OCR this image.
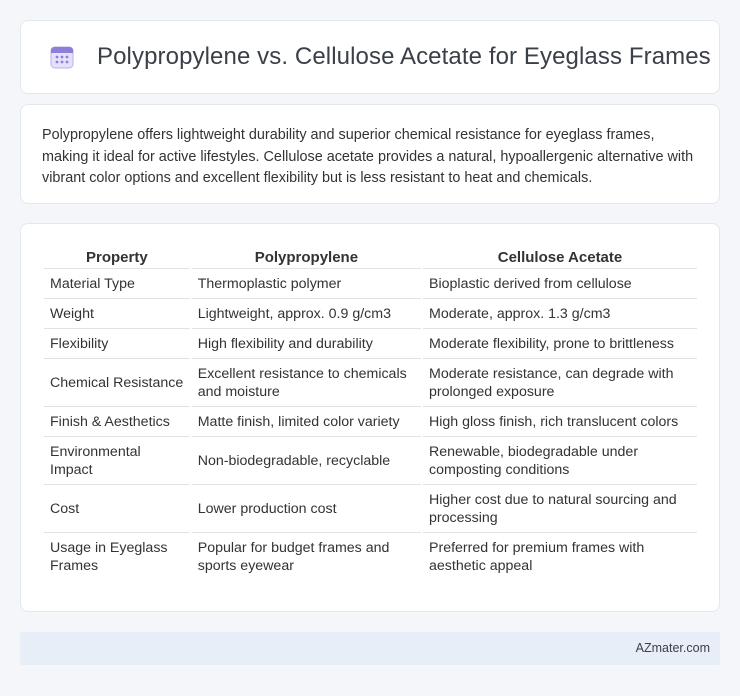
Polypropylene vs. Cellulose Acetate for Eyeglass Frames

Polypropylene offers lightweight durability and superior chemical resistance for eyeglass frames, making it ideal for active lifestyles. Cellulose acetate provides a natural, hypoallergenic alternative with vibrant color options and excellent flexibility but is less resistant to heat and chemicals.

Property	Polypropylene	Cellulose Acetate
Material Type	Thermoplastic polymer	Bioplastic derived from cellulose
Weight	Lightweight, approx. 0.9 g/cm3	Moderate, approx. 1.3 g/cm3
Flexibility	High flexibility and durability	Moderate flexibility, prone to brittleness
Chemical Resistance	Excellent resistance to chemicals and moisture	Moderate resistance, can degrade with prolonged exposure
Finish & Aesthetics	Matte finish, limited color variety	High gloss finish, rich translucent colors
Environmental Impact	Non-biodegradable, recyclable	Renewable, biodegradable under composting conditions
Cost	Lower production cost	Higher cost due to natural sourcing and processing
Usage in Eyeglass Frames	Popular for budget frames and sports eyewear	Preferred for premium frames with aesthetic appeal
AZmater.com
